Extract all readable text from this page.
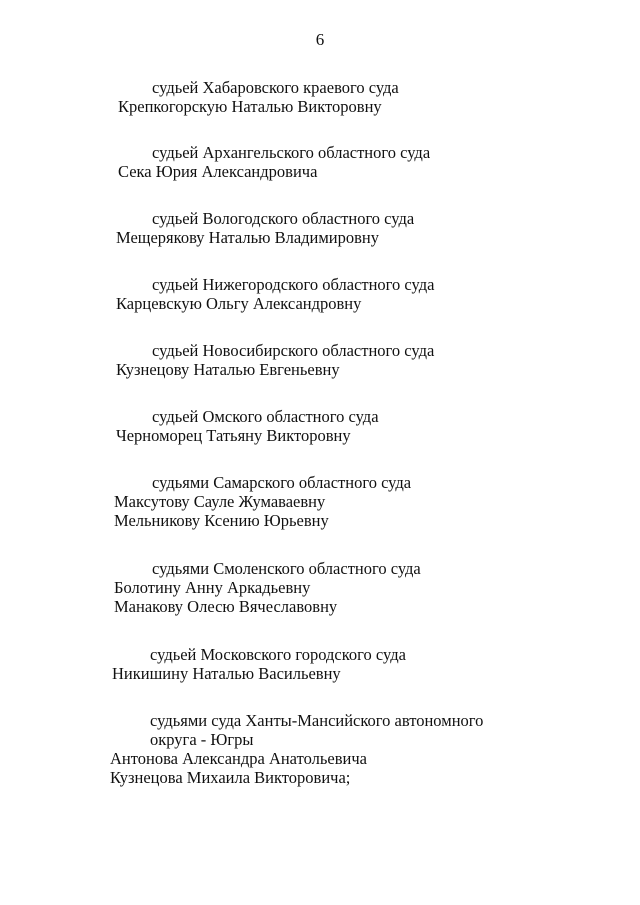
6
судьей Хабаровского краевого суда
Крепкогорскую Наталью Викторовну
судьей Архангельского областного суда
Сека Юрия Александровича
судьей Вологодского областного суда
Мещерякову Наталью Владимировну
судьей Нижегородского областного суда
Карцевскую Ольгу Александровну
судьей Новосибирского областного суда
Кузнецову Наталью Евгеньевну
судьей Омского областного суда
Черноморец Татьяну Викторовну
судьями Самарского областного суда
Максутову Сауле Жумаваевну
Мельникову Ксению Юрьевну
судьями Смоленского областного суда
Болотину Анну Аркадьевну
Манакову Олесю Вячеславовну
судьей Московского городского суда
Никишину Наталью Васильевну
судьями суда Ханты-Мансийского автономного
округа - Югры
Антонова Александра Анатольевича
Кузнецова Михаила Викторовича;
